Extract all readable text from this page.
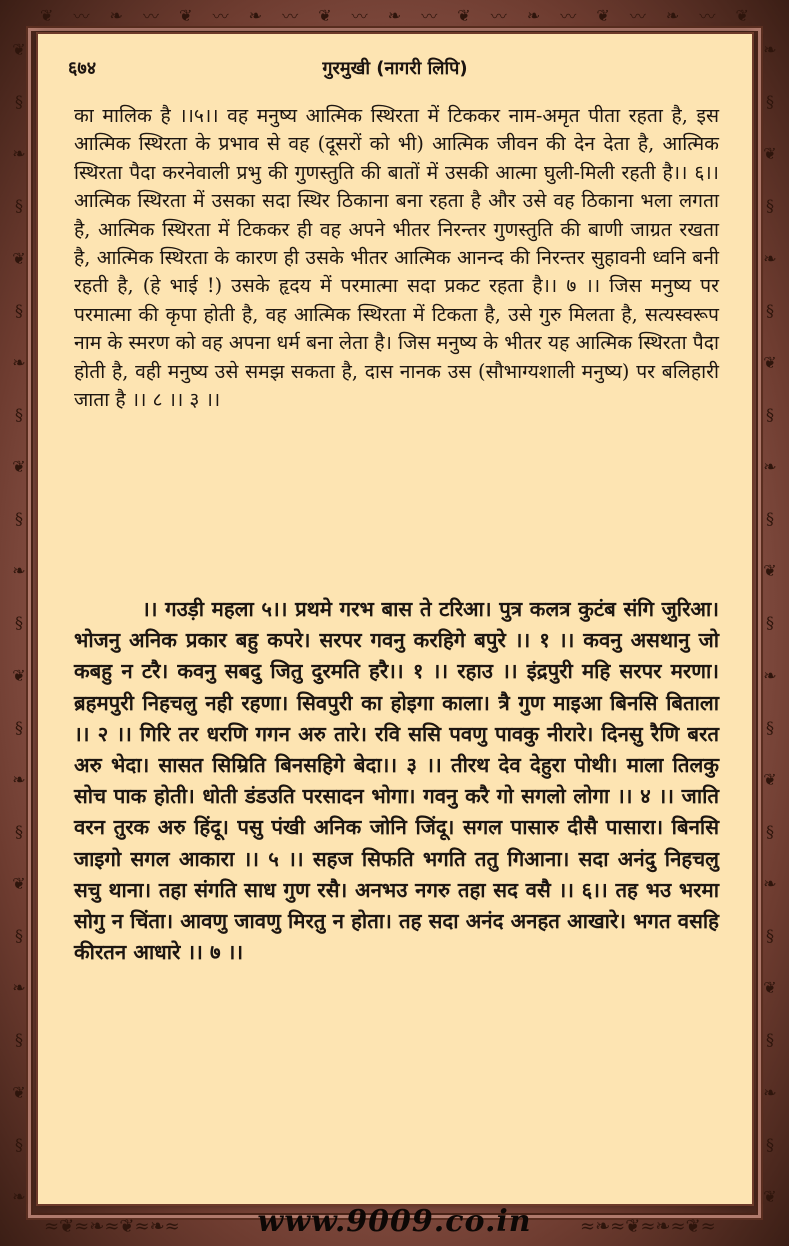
❦ 〰 ❧ 〰 ❦ 〰 ❧ 〰 ❦ 〰 ❧ 〰 ❦ 〰 ❧ 〰 ❦ 〰 ❧ 〰 ❦
❦
§
❧
§
❦
§
❧
§
❦
§
❧
§
❦
§
❧
§
❦
§
❧
§
❦
§
❧
❧
§
❦
§
❧
§
❦
§
❧
§
❦
§
❧
§
❦
§
❧
§
❦
§
❧
§
❦
६७४	गुरमुखी (नागरी लिपि)
का मालिक है ।।५।। वह मनुष्य आत्मिक स्थिरता में टिककर नाम-अमृत पीता रहता है, इस आत्मिक स्थिरता के प्रभाव से वह (दूसरों को भी) आत्मिक जीवन की देन देता है, आत्मिक स्थिरता पैदा करनेवाली प्रभु की गुणस्तुति की बातों में उसकी आत्मा घुली-मिली रहती है।। ६।। आत्मिक स्थिरता में उसका सदा स्थिर ठिकाना बना रहता है और उसे वह ठिकाना भला लगता है, आत्मिक स्थिरता में टिककर ही वह अपने भीतर निरन्तर गुणस्तुति की बाणी जाग्रत रखता है, आत्मिक स्थिरता के कारण ही उसके भीतर आत्मिक आनन्द की निरन्तर सुहावनी ध्वनि बनी रहती है, (हे भाई !) उसके हृदय में परमात्मा सदा प्रकट रहता है।। ७ ।। जिस मनुष्य पर परमात्मा की कृपा होती है, वह आत्मिक स्थिरता में टिकता है, उसे गुरु मिलता है, सत्यस्वरूप नाम के स्मरण को वह अपना धर्म बना लेता है। जिस मनुष्य के भीतर यह आत्मिक स्थिरता पैदा होती है, वही मनुष्य उसे समझ सकता है, दास नानक उस (सौभाग्यशाली मनुष्य) पर बलिहारी जाता है ।। ८ ।। ३ ।।
।। गउड़ी महला ५।। प्रथमे गरभ बास ते टरिआ। पुत्र कलत्र कुटंब संगि जुरिआ। भोजनु अनिक प्रकार बहु कपरे। सरपर गवनु करहिगे बपुरे ।। १ ।। कवनु असथानु जो कबहु न टरै। कवनु सबदु जितु दुरमति हरै।। १ ।। रहाउ ।। इंद्रपुरी महि सरपर मरणा। ब्रहमपुरी निहचलु नही रहणा। सिवपुरी का होइगा काला। त्रै गुण माइआ बिनसि बिताला ।। २ ।। गिरि तर धरणि गगन अरु तारे। रवि ससि पवणु पावकु नीरारे। दिनसु रैणि बरत अरु भेदा। सासत सिम्रिति बिनसहिगे बेदा।। ३ ।। तीरथ देव देहुरा पोथी। माला तिलकु सोच पाक होती। धोती डंडउति परसादन भोगा। गवनु करै गो सगलो लोगा ।। ४ ।। जाति वरन तुरक अरु हिंदू। पसु पंखी अनिक जोनि जिंदू। सगल पासारु दीसै पासारा। बिनसि जाइगो सगल आकारा ।। ५ ।। सहज सिफति भगति ततु गिआना। सदा अनंदु निहचलु सचु थाना। तहा संगति साध गुण रसै। अनभउ नगरु तहा सद वसै ।। ६।। तह भउ भरमा सोगु न चिंता। आवणु जावणु मिरतु न होता। तह सदा अनंद अनहत आखारे। भगत वसहि कीरतन आधारे ।। ७ ।।
≈❦≈❧≈❦≈❧≈	≈❧≈❦≈❧≈❦≈
www.9009.co.in
